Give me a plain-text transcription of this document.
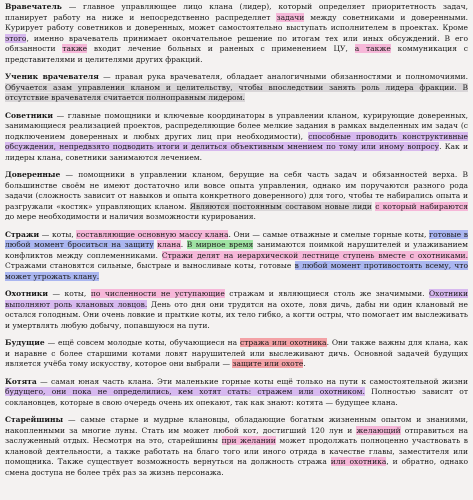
Вравечатель — главное управляющее лицо клана (лидер), который определяет приоритетность задач, планирует работу на ниже и непосредственно распределяет задачи между советниками и доверенными. Курирует работу советников и доверенных, может самостоятельно выступать исполнителем в проектах. Кроме этого, именно врачеватель принимает окончательное решение по итогам тех или иных обсуждений. В его обязанности также входит лечение больных и раненых с применением ЦУ, а также коммуникация с представителями и целителями других фракций.

Ученик врачевателя — правая рука врачевателя, обладает аналогичными обязанностями и полномочиями. Обучается азам управления кланом и целительству, чтобы впоследствии занять роль лидера фракции. В отсутствие врачевателя считается полноправным лидером.

Советники — главные помощники и ключевые координаторы в управлении кланом, курирующие доверенных, занимающиеся реализацией проектов, распределяющие более мелкие задания в рамках выделенных им задач (с подключением доверенных и любых других лиц при необходимости), способные проводить конструктивные обсуждения, непредвзято подводить итоги и делиться объективным мнением по тому или иному вопросу. Как и лидеры клана, советники занимаются лечением.

Доверенные — помощники в управлении кланом, берущие на себя часть задач и обязанностей верха. В большинстве своём не имеют достаточно или вовсе опыта управления, однако им поручаются разного рода задачи (сложность зависит от навыков и опыта конкретного доверенного) для того, чтобы те набирались опыта и разгружали «костяк» управляющих кланом. Являются постоянным составом новые лиди с который набираются до мере необходимости и наличия возможности курирования.

Стражи — коты, составляющие основную массу клана. Они — самые отважные и смелые горные коты, готовые в любой момент броситься на защиту клана. В мирное время занимаются поимкой нарушителей и улаживанием конфликтов между соплеменниками. Стражи делят на иерархической лестнице ступень вместе с охотниками. Стражами становятся сильные, быстрые и выносливые коты, готовые в любой момент противостоять всему, что может угрожать клану.

Охотники — коты, по численности не уступающие стражам и являющиеся столь же значимыми. Охотники выполняют роль клановых ловцов. День ото дня они трудятся на охоте, ловя дичь, дабы ни один клановый не остался голодным. Они очень ловкие и прыткие коты, их тело гибко, а когти остры, что помогает им выслеживать и умертвлять любую добычу, попавшуюся на пути.

Будущие — ещё совсем молодые коты, обучающиеся на стража или охотника. Они также важны для клана, как и наравне с более старшими котами ловят нарушителей или выслеживают дичь. Основной задачей будущих является учёба тому искусству, которое они выбрали — защите или охоте.

Котята — самая юная часть клана. Эти маленькие горные коты ещё только на пути к самостоятельной жизни будущего, они пока не определились, кем хотят стать: стражем или охотником. Полностью зависят от соклановцев, которые в свою очередь очень их опекают, так как знают: котята — будущее клана.

Старейшины — самые старые и мудрые клановцы, обладающие богатым жизненным опытом и знаниями, накопленными за многие луны. Стать им может любой кот, достигший 120 лун и желающий отправиться на заслуженный отдых. Несмотря на это, старейшины при желании может продолжать полноценно участвовать в клановой деятельности, а также работать на благо того или иного отряда в качестве главы, заместителя или помощника. Также существует возможность вернуться на должность стража или охотника, и обратно, однако смена доступа не более трёх раз за жизнь персонажа.
